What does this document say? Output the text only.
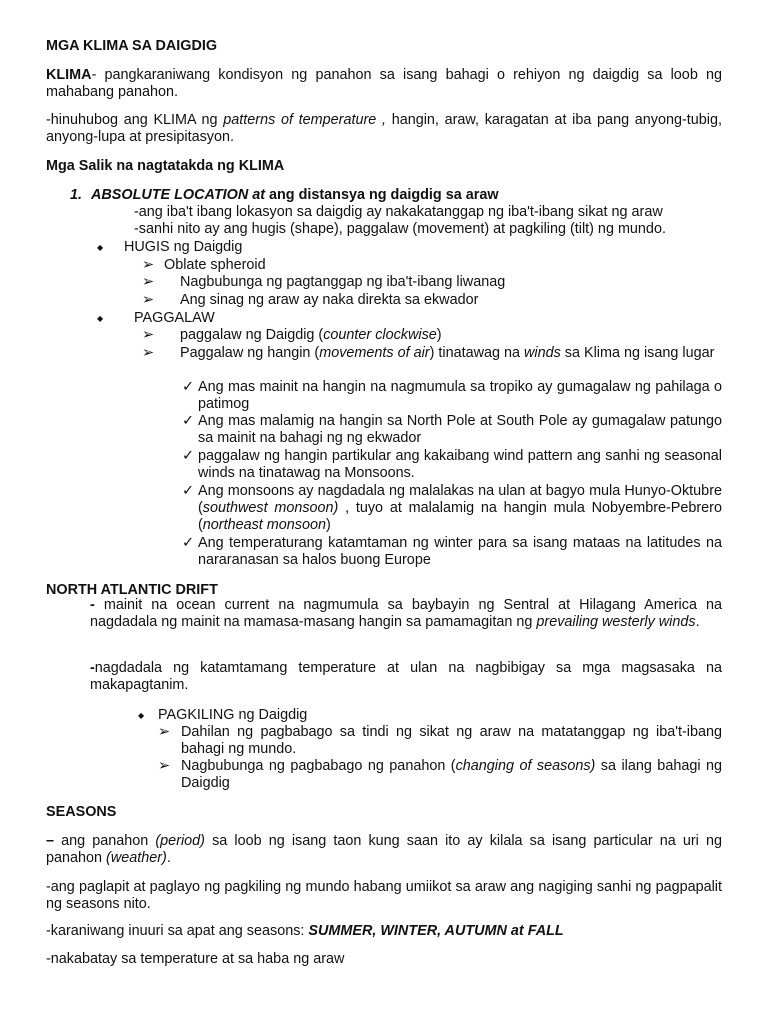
MGA KLIMA SA DAIGDIG
KLIMA- pangkaraniwang kondisyon ng panahon sa isang bahagi o rehiyon ng daigdig sa loob ng mahabang panahon.
-hinuhubog ang KLIMA ng patterns of temperature , hangin, araw, karagatan at iba pang anyong-tubig, anyong-lupa at presipitasyon.
Mga Salik na nagtatakda ng KLIMA
1. ABSOLUTE LOCATION at ang distansya ng daigdig sa araw
-ang iba't ibang lokasyon sa daigdig ay nakakatanggap ng iba't-ibang sikat ng araw
-sanhi nito ay ang hugis (shape), paggalaw (movement) at pagkiling (tilt) ng mundo.
◆ HUGIS ng Daigdig
➢ Oblate spheroid
➢ Nagbubunga ng pagtanggap ng iba't-ibang liwanag
➢ Ang sinag ng araw ay naka direkta sa ekwador
◆ PAGGALAW
➢ paggalaw ng Daigdig (counter clockwise)
➢	Paggalaw ng hangin (movements of air) tinatawag na winds sa Klima ng isang lugar
✓ Ang mas mainit na hangin na nagmumula sa tropiko ay gumagalaw ng pahilaga o patimog
✓ Ang mas malamig na hangin sa North Pole at South Pole ay gumagalaw patungo sa mainit na bahagi ng ng ekwador
✓ paggalaw ng hangin partikular ang kakaibang wind pattern ang sanhi ng seasonal winds na tinatawag na Monsoons.
✓ Ang monsoons ay nagdadala ng malalakas na ulan at bagyo mula Hunyo-Oktubre (southwest monsoon) , tuyo at malalamig na hangin mula Nobyembre-Pebrero (northeast monsoon)
✓ Ang temperaturang katamtaman ng winter para sa isang mataas na latitudes na nararanasan sa halos buong Europe
NORTH ATLANTIC DRIFT
- mainit na ocean current na nagmumula sa baybayin ng Sentral at Hilagang America na nagdadala ng mainit na mamasa-masang hangin sa pamamagitan ng prevailing westerly winds.
-nagdadala ng katamtamang temperature at ulan na nagbibigay sa mga magsasaka na makapagtanim.
◆ PAGKILING ng Daigdig
➢ Dahilan ng pagbabago sa tindi ng sikat ng araw na matatanggap ng iba't-ibang bahagi ng mundo.
➢ Nagbubunga ng pagbabago ng panahon (changing of seasons) sa ilang bahagi ng Daigdig
SEASONS
– ang panahon (period) sa loob ng isang taon kung saan ito ay kilala sa isang particular na uri ng panahon (weather).
-ang paglapit at paglayo ng pagkiling ng mundo habang umiikot sa araw ang nagiging sanhi ng pagpapalit ng seasons nito.
-karaniwang inuuri sa apat ang seasons: SUMMER, WINTER, AUTUMN at FALL
-nakabatay sa temperature at sa haba ng araw
